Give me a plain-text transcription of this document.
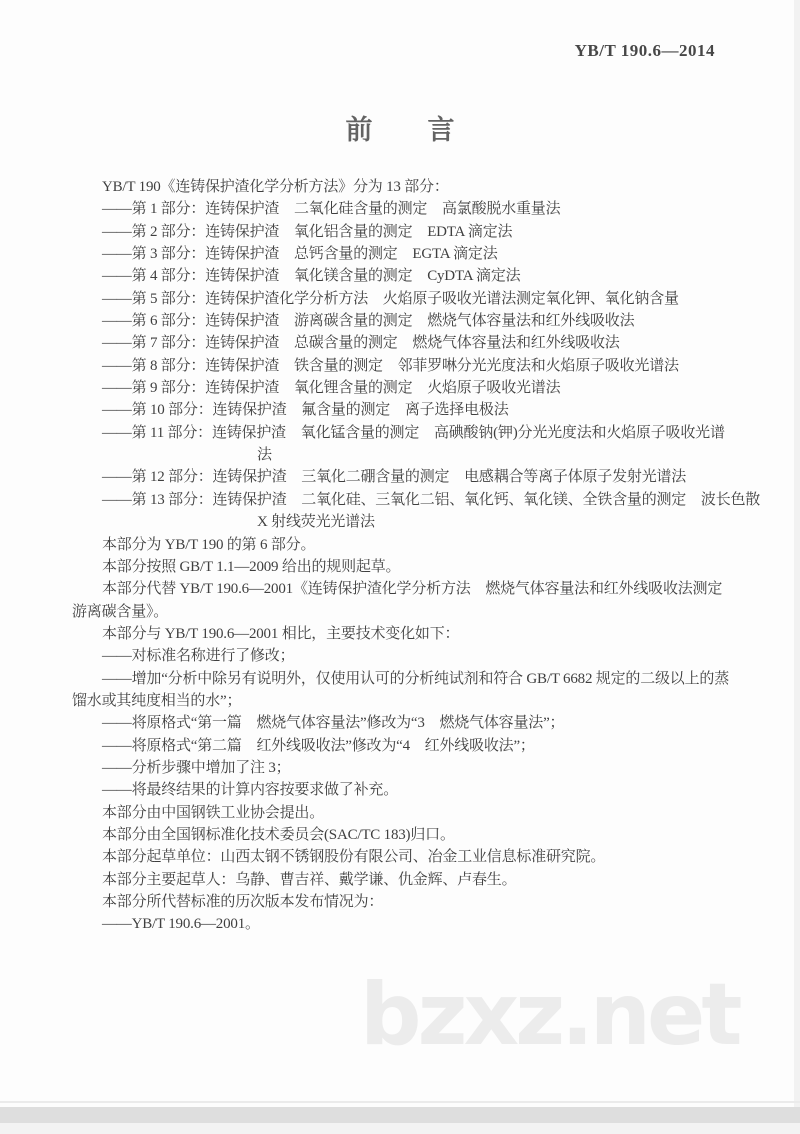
YB/T 190.6—2014
前　言
YB/T 190《连铸保护渣化学分析方法》分为 13 部分：
——第 1 部分：连铸保护渣　二氧化硅含量的测定　高氯酸脱水重量法
——第 2 部分：连铸保护渣　氧化铝含量的测定　EDTA 滴定法
——第 3 部分：连铸保护渣　总钙含量的测定　EGTA 滴定法
——第 4 部分：连铸保护渣　氧化镁含量的测定　CyDTA 滴定法
——第 5 部分：连铸保护渣化学分析方法　火焰原子吸收光谱法测定氧化钾、氧化钠含量
——第 6 部分：连铸保护渣　游离碳含量的测定　燃烧气体容量法和红外线吸收法
——第 7 部分：连铸保护渣　总碳含量的测定　燃烧气体容量法和红外线吸收法
——第 8 部分：连铸保护渣　铁含量的测定　邻菲罗啉分光光度法和火焰原子吸收光谱法
——第 9 部分：连铸保护渣　氧化锂含量的测定　火焰原子吸收光谱法
——第 10 部分：连铸保护渣　氟含量的测定　离子选择电极法
——第 11 部分：连铸保护渣　氧化锰含量的测定　高碘酸钠(钾)分光光度法和火焰原子吸收光谱
法
——第 12 部分：连铸保护渣　三氧化二硼含量的测定　电感耦合等离子体原子发射光谱法
——第 13 部分：连铸保护渣　二氧化硅、三氧化二铝、氧化钙、氧化镁、全铁含量的测定　波长色散
X 射线荧光光谱法
本部分为 YB/T 190 的第 6 部分。
本部分按照 GB/T 1.1—2009 给出的规则起草。
本部分代替 YB/T 190.6—2001《连铸保护渣化学分析方法　燃烧气体容量法和红外线吸收法测定
游离碳含量》。
本部分与 YB/T 190.6—2001 相比，主要技术变化如下：
——对标准名称进行了修改；
——增加“分析中除另有说明外，仅使用认可的分析纯试剂和符合 GB/T 6682 规定的二级以上的蒸
馏水或其纯度相当的水”；
——将原格式“第一篇　燃烧气体容量法”修改为“3　燃烧气体容量法”；
——将原格式“第二篇　红外线吸收法”修改为“4　红外线吸收法”；
——分析步骤中增加了注 3；
——将最终结果的计算内容按要求做了补充。
本部分由中国钢铁工业协会提出。
本部分由全国钢标准化技术委员会(SAC/TC 183)归口。
本部分起草单位：山西太钢不锈钢股份有限公司、冶金工业信息标准研究院。
本部分主要起草人：乌静、曹吉祥、戴学谦、仇金辉、卢春生。
本部分所代替标准的历次版本发布情况为：
——YB/T 190.6—2001。
bzxz.net
